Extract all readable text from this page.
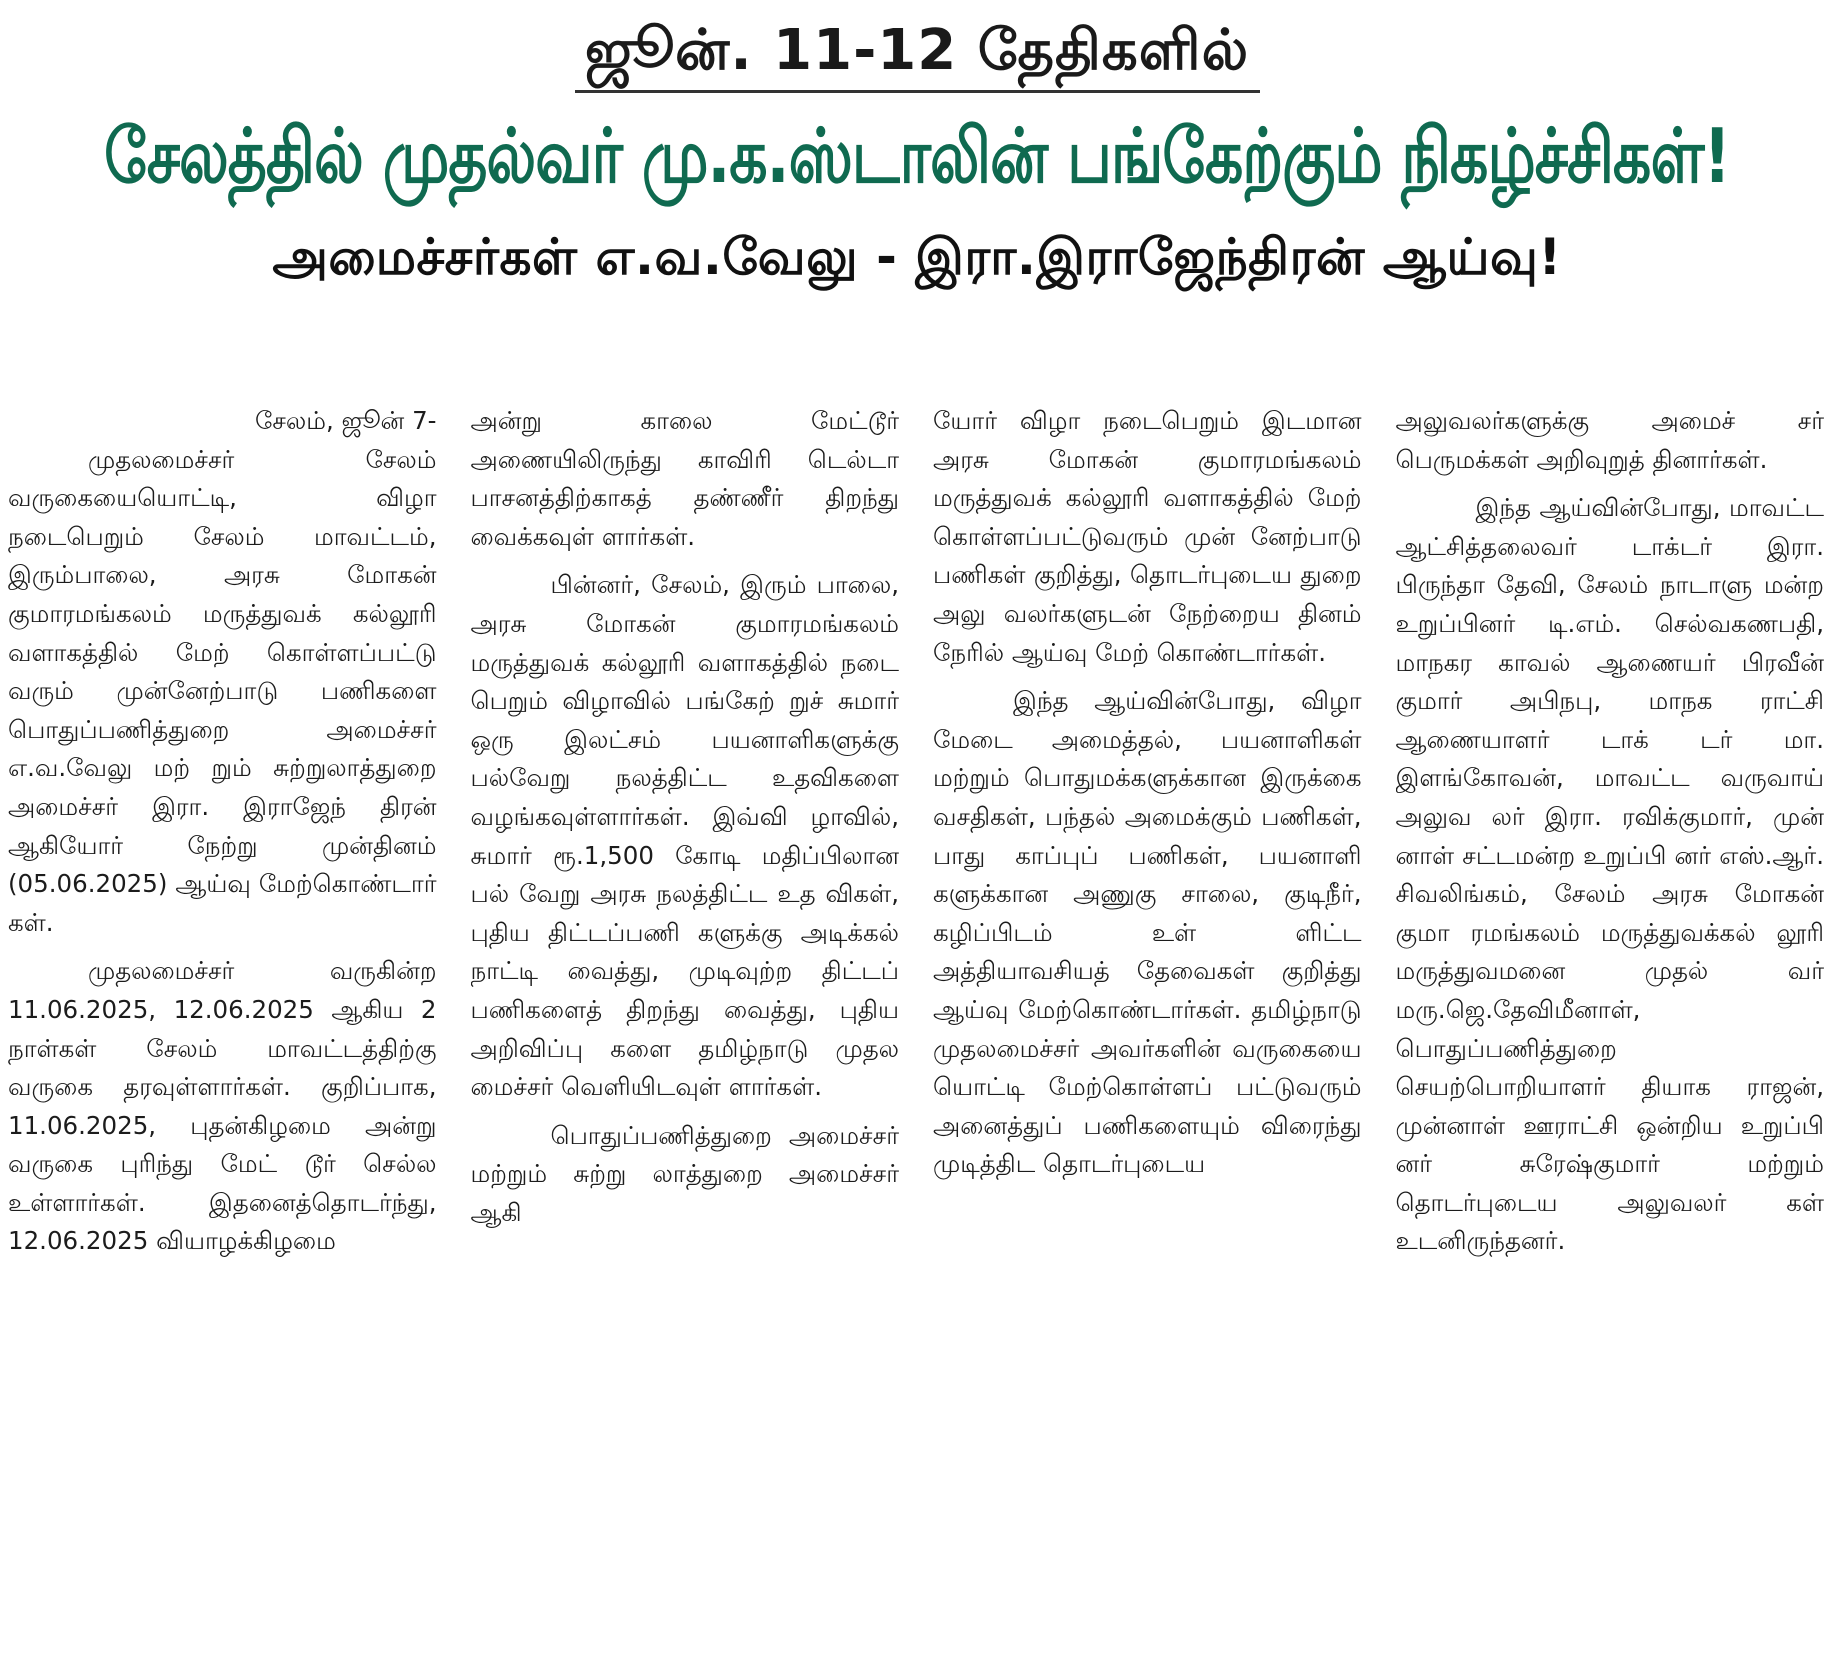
ஜூன். 11-12 தேதிகளில்
சேலத்தில் முதல்வர் மு.க.ஸ்டாலின் பங்கேற்கும் நிகழ்ச்சிகள்!
அமைச்சர்கள் எ.வ.வேலு - இரா.இராஜேந்திரன் ஆய்வு!

சேலம், ஜூன் 7-

முதலமைச்சர் சேலம் வருகையையொட்டி, விழா நடைபெறும் சேலம் மாவட்டம், இரும்பாலை, அரசு மோகன் குமாரமங்கலம் மருத்துவக் கல்லூரி வளாகத்தில் மேற் கொள்ளப்பட்டு வரும் முன்னேற்பாடு பணிகளை பொதுப்பணித்துறை அமைச்சர் எ.வ.வேலு மற் றும் சுற்றுலாத்துறை அமைச்சர் இரா. இராஜேந் திரன் ஆகியோர் நேற்று முன்தினம் (05.06.2025) ஆய்வு மேற்கொண்டார் கள்.

முதலமைச்சர் வருகின்ற 11.06.2025, 12.06.2025 ஆகிய 2 நாள்கள் சேலம் மாவட்டத்திற்கு வருகை தரவுள்ளார்கள். குறிப்பாக, 11.06.2025, புதன்கிழமை அன்று வருகை புரிந்து மேட் டூர் செல்ல உள்ளார்கள். இதனைத்தொடர்ந்து, 12.06.2025 வியாழக்கிழமை

அன்று காலை மேட்டூர் அணையிலிருந்து காவிரி டெல்டா பாசனத்திற்காகத் தண்ணீர் திறந்து வைக்கவுள் ளார்கள்.

பின்னர், சேலம், இரும் பாலை, அரசு மோகன் குமாரமங்கலம் மருத்துவக் கல்லூரி வளாகத்தில் நடை பெறும் விழாவில் பங்கேற் றுச் சுமார் ஒரு இலட்சம் பயனாளிகளுக்கு பல்வேறு நலத்திட்ட உதவிகளை வழங்கவுள்ளார்கள். இவ்வி ழாவில், சுமார் ரூ.1,500 கோடி மதிப்பிலான பல் வேறு அரசு நலத்திட்ட உத விகள், புதிய திட்டப்பணி களுக்கு அடிக்கல் நாட்டி வைத்து, முடிவுற்ற திட்டப் பணிகளைத் திறந்து வைத்து, புதிய அறிவிப்பு களை தமிழ்நாடு முதல மைச்சர் வெளியிடவுள் ளார்கள்.

பொதுப்பணித்துறை அமைச்சர் மற்றும் சுற்று லாத்துறை அமைச்சர் ஆகி

யோர் விழா நடைபெறும் இடமான அரசு மோகன் குமாரமங்கலம் மருத்துவக் கல்லூரி வளாகத்தில் மேற் கொள்ளப்பட்டுவரும் முன் னேற்பாடு பணிகள் குறித்து, தொடர்புடைய துறை அலு வலர்களுடன் நேற்றைய தினம் நேரில் ஆய்வு மேற் கொண்டார்கள்.

இந்த ஆய்வின்போது, விழா மேடை அமைத்தல், பயனாளிகள் மற்றும் பொதுமக்களுக்கான இருக்கை வசதிகள், பந்தல் அமைக்கும் பணிகள், பாது காப்புப் பணிகள், பயனாளி களுக்கான அணுகு சாலை, குடிநீர், கழிப்பிடம் உள் ளிட்ட அத்தியாவசியத் தேவைகள் குறித்து ஆய்வு மேற்கொண்டார்கள். தமிழ்நாடு முதலமைச்சர் அவர்களின் வருகையை யொட்டி மேற்கொள்ளப் பட்டுவரும் அனைத்துப் பணிகளையும் விரைந்து முடித்திட தொடர்புடைய

அலுவலர்களுக்கு அமைச் சர் பெருமக்கள் அறிவுறுத் தினார்கள்.

இந்த ஆய்வின்போது, மாவட்ட ஆட்சித்தலைவர் டாக்டர் இரா. பிருந்தா தேவி, சேலம் நாடாளு மன்ற உறுப்பினர் டி.எம். செல்வகணபதி, மாநகர காவல் ஆணையர் பிரவீன் குமார் அபிநபு, மாநக ராட்சி ஆணையாளர் டாக் டர் மா. இளங்கோவன், மாவட்ட வருவாய் அலுவ லர் இரா. ரவிக்குமார், முன் னாள் சட்டமன்ற உறுப்பி னர் எஸ்.ஆர். சிவலிங்கம், சேலம் அரசு மோகன் குமா ரமங்கலம் மருத்துவக்கல் லூரி மருத்துவமனை முதல் வர் மரு.ஜெ.தேவிமீனாள், பொதுப்பணித்துறை செயற்பொறியாளர் தியாக ராஜன், முன்னாள் ஊராட்சி ஒன்றிய உறுப்பி னர் சுரேஷ்குமார் மற்றும் தொடர்புடைய அலுவலர் கள் உடனிருந்தனர்.
